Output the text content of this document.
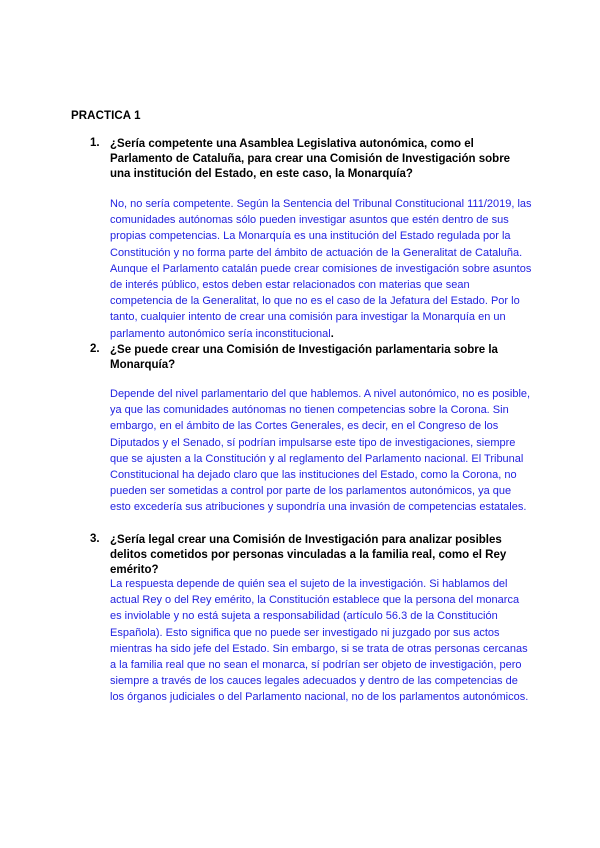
PRACTICA 1
1. ¿Sería competente una Asamblea Legislativa autonómica, como el Parlamento de Cataluña, para crear una Comisión de Investigación sobre una institución del Estado, en este caso, la Monarquía?
No, no sería competente. Según la Sentencia del Tribunal Constitucional 111/2019, las comunidades autónomas sólo pueden investigar asuntos que estén dentro de sus propias competencias. La Monarquía es una institución del Estado regulada por la Constitución y no forma parte del ámbito de actuación de la Generalitat de Cataluña. Aunque el Parlamento catalán puede crear comisiones de investigación sobre asuntos de interés público, estos deben estar relacionados con materias que sean competencia de la Generalitat, lo que no es el caso de la Jefatura del Estado. Por lo tanto, cualquier intento de crear una comisión para investigar la Monarquía en un parlamento autonómico sería inconstitucional.
2. ¿Se puede crear una Comisión de Investigación parlamentaria sobre la Monarquía?
Depende del nivel parlamentario del que hablemos. A nivel autonómico, no es posible, ya que las comunidades autónomas no tienen competencias sobre la Corona. Sin embargo, en el ámbito de las Cortes Generales, es decir, en el Congreso de los Diputados y el Senado, sí podrían impulsarse este tipo de investigaciones, siempre que se ajusten a la Constitución y al reglamento del Parlamento nacional. El Tribunal Constitucional ha dejado claro que las instituciones del Estado, como la Corona, no pueden ser sometidas a control por parte de los parlamentos autonómicos, ya que esto excedería sus atribuciones y supondría una invasión de competencias estatales.
3. ¿Sería legal crear una Comisión de Investigación para analizar posibles delitos cometidos por personas vinculadas a la familia real, como el Rey emérito?
La respuesta depende de quién sea el sujeto de la investigación. Si hablamos del actual Rey o del Rey emérito, la Constitución establece que la persona del monarca es inviolable y no está sujeta a responsabilidad (artículo 56.3 de la Constitución Española). Esto significa que no puede ser investigado ni juzgado por sus actos mientras ha sido jefe del Estado. Sin embargo, si se trata de otras personas cercanas a la familia real que no sean el monarca, sí podrían ser objeto de investigación, pero siempre a través de los cauces legales adecuados y dentro de las competencias de los órganos judiciales o del Parlamento nacional, no de los parlamentos autonómicos.
